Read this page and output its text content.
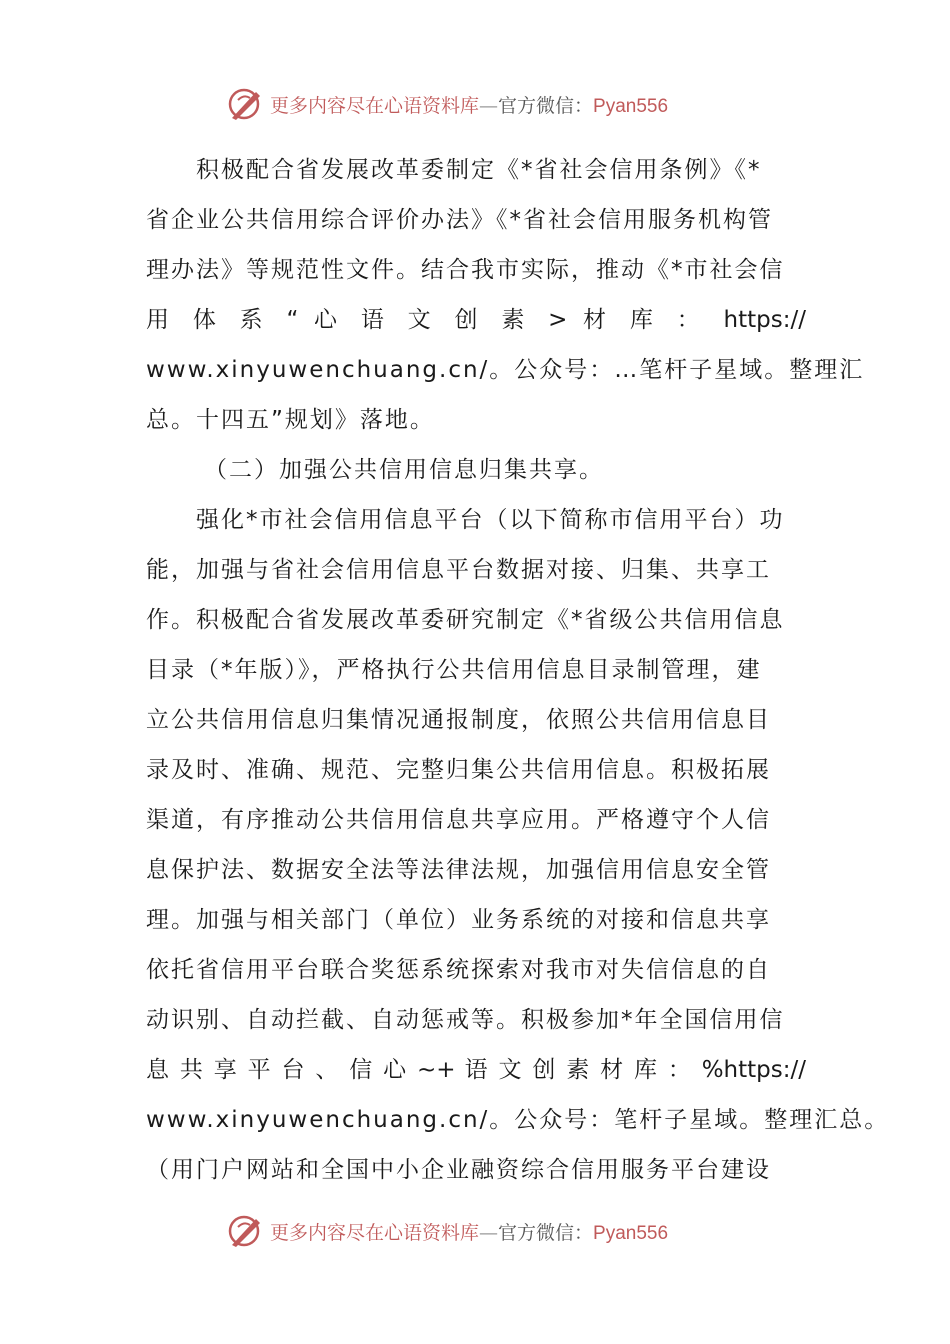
更多内容尽在心语资料库—官方微信：Pyan556
积极配合省发展改革委制定《*省社会信用条例》《*
省企业公共信用综合评价办法》《*省社会信用服务机构管
理办法》等规范性文件。结合我市实际，推动《*市社会信
用 体 系 “ 心 语 文 创 素 > 材 库 ： https://
www.xinyuwenchuang.cn/。公众号：…笔杆子星域。整理汇
总。十四五”规划》落地。
（二）加强公共信用信息归集共享。
强化*市社会信用信息平台（以下简称市信用平台）功
能，加强与省社会信用信息平台数据对接、归集、共享工
作。积极配合省发展改革委研究制定《*省级公共信用信息
目录（*年版）》，严格执行公共信用信息目录制管理，建
立公共信用信息归集情况通报制度，依照公共信用信息目
录及时、准确、规范、完整归集公共信用信息。积极拓展
渠道，有序推动公共信用信息共享应用。严格遵守个人信
息保护法、数据安全法等法律法规，加强信用信息安全管
理。加强与相关部门（单位）业务系统的对接和信息共享
依托省信用平台联合奖惩系统探索对我市对失信信息的自
动识别、自动拦截、自动惩戒等。积极参加*年全国信用信
息 共 享 平 台 、 信 心 ~+ 语 文 创 素 材 库 ： %https://
www.xinyuwenchuang.cn/。公众号：笔杆子星域。整理汇总。
（用门户网站和全国中小企业融资综合信用服务平台建设
更多内容尽在心语资料库—官方微信：Pyan556
